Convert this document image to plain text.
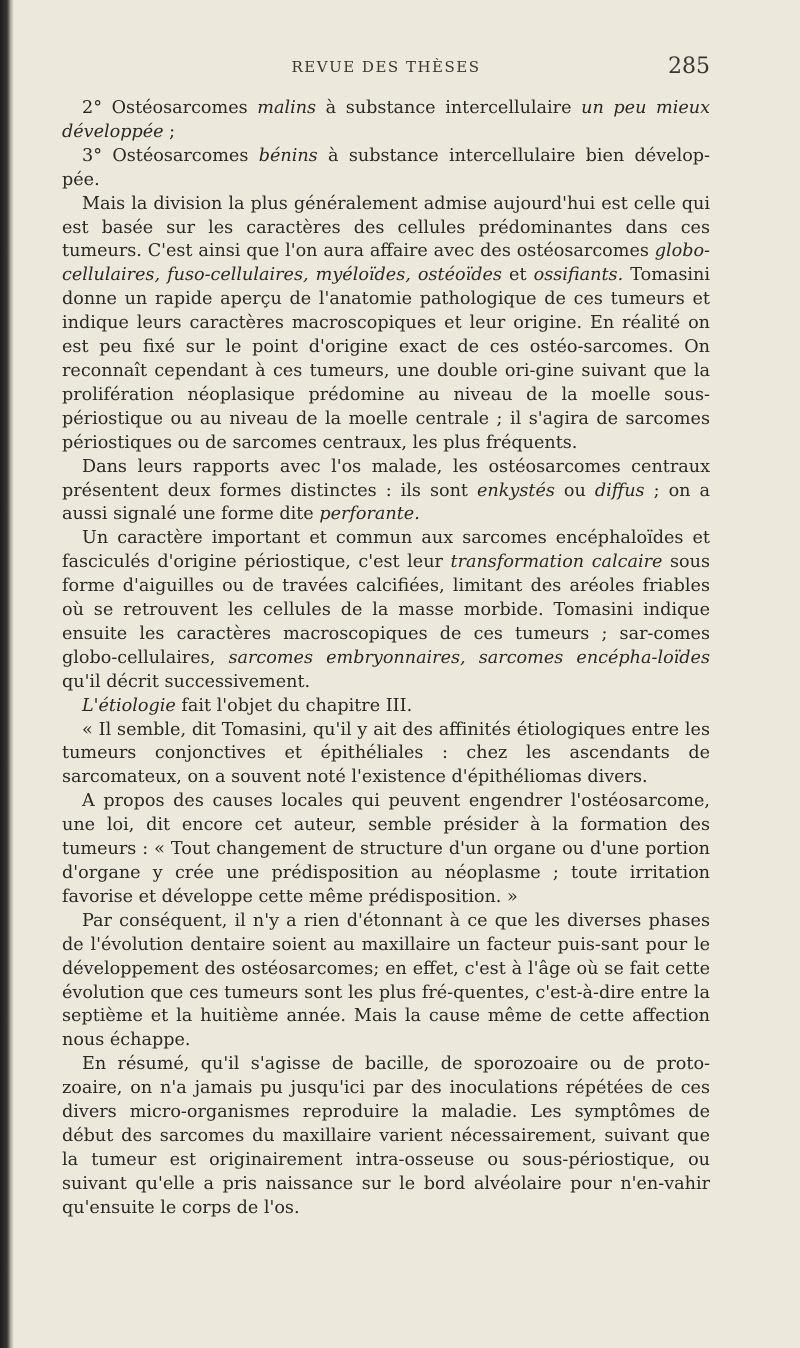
REVUE DES THÈSES	285

2° Ostéosarcomes malins à substance intercellulaire un peu mieux développée ;

3° Ostéosarcomes bénins à substance intercellulaire bien dévelop-pée.

Mais la division la plus généralement admise aujourd'hui est celle qui est basée sur les caractères des cellules prédominantes dans ces tumeurs. C'est ainsi que l'on aura affaire avec des ostéosarcomes globo-cellulaires, fuso-cellulaires, myéloïdes, ostéoïdes et ossifiants. Tomasini donne un rapide aperçu de l'anatomie pathologique de ces tumeurs et indique leurs caractères macroscopiques et leur origine. En réalité on est peu fixé sur le point d'origine exact de ces ostéo-sarcomes. On reconnaît cependant à ces tumeurs, une double ori-gine suivant que la prolifération néoplasique prédomine au niveau de la moelle sous-périostique ou au niveau de la moelle centrale ; il s'agira de sarcomes périostiques ou de sarcomes centraux, les plus fréquents.

Dans leurs rapports avec l'os malade, les ostéosarcomes centraux présentent deux formes distinctes : ils sont enkystés ou diffus ; on a aussi signalé une forme dite perforante.

Un caractère important et commun aux sarcomes encéphaloïdes et fasciculés d'origine périostique, c'est leur transformation calcaire sous forme d'aiguilles ou de travées calcifiées, limitant des aréoles friables où se retrouvent les cellules de la masse morbide. Tomasini indique ensuite les caractères macroscopiques de ces tumeurs ; sar-comes globo-cellulaires, sarcomes embryonnaires, sarcomes encépha-loïdes qu'il décrit successivement.

L'étiologie fait l'objet du chapitre III.

« Il semble, dit Tomasini, qu'il y ait des affinités étiologiques entre les tumeurs conjonctives et épithéliales : chez les ascendants de sarcomateux, on a souvent noté l'existence d'épithéliomas divers.

A propos des causes locales qui peuvent engendrer l'ostéosarcome, une loi, dit encore cet auteur, semble présider à la formation des tumeurs : « Tout changement de structure d'un organe ou d'une portion d'organe y crée une prédisposition au néoplasme ; toute irritation favorise et développe cette même prédisposition. »

Par conséquent, il n'y a rien d'étonnant à ce que les diverses phases de l'évolution dentaire soient au maxillaire un facteur puis-sant pour le développement des ostéosarcomes; en effet, c'est à l'âge où se fait cette évolution que ces tumeurs sont les plus fré-quentes, c'est-à-dire entre la septième et la huitième année. Mais la cause même de cette affection nous échappe.

En résumé, qu'il s'agisse de bacille, de sporozoaire ou de proto-zoaire, on n'a jamais pu jusqu'ici par des inoculations répétées de ces divers micro-organismes reproduire la maladie. Les symptômes de début des sarcomes du maxillaire varient nécessairement, suivant que la tumeur est originairement intra-osseuse ou sous-périostique, ou suivant qu'elle a pris naissance sur le bord alvéolaire pour n'en-vahir qu'ensuite le corps de l'os.
